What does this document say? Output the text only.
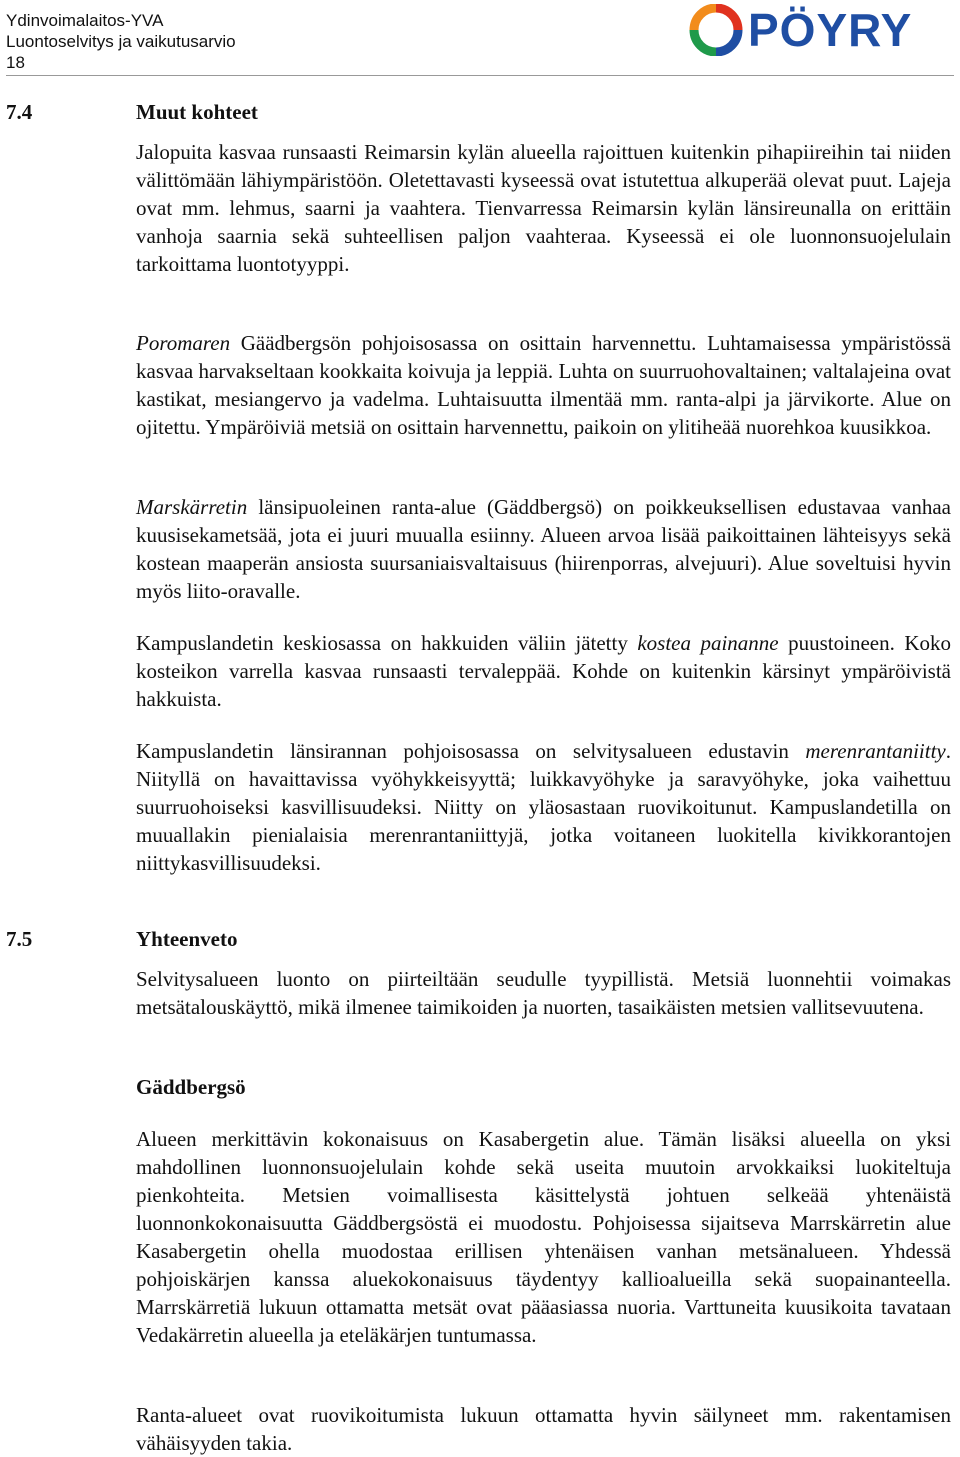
Ydinvoimalaitos-YVA
Luontoselvitys ja vaikutusarvio
18
PÖYRY
7.4	Muut kohteet

Jalopuita kasvaa runsaasti Reimarsin kylän alueella rajoittuen kuitenkin pihapiireihin tai niiden välittömään lähiympäristöön. Oletettavasti kyseessä ovat istutettua alkuperää olevat puut. Lajeja ovat mm. lehmus, saarni ja vaahtera. Tienvarressa Reimarsin kylän länsireunalla on erittäin vanhoja saarnia sekä suhteellisen paljon vaahteraa. Kyseessä ei ole luonnonsuojelulain tarkoittama luontotyyppi.

Poromaren Gäädbergsön pohjoisosassa on osittain harvennettu. Luhtamaisessa ympäristössä kasvaa harvakseltaan kookkaita koivuja ja leppiä. Luhta on suurruohovaltainen; valtalajeina ovat kastikat, mesiangervo ja vadelma. Luhtaisuutta ilmentää mm. ranta-alpi ja järvikorte. Alue on ojitettu. Ympäröiviä metsiä on osittain harvennettu, paikoin on ylitiheää nuorehkoa kuusikkoa.

Marskärretin länsipuoleinen ranta-alue (Gäddbergsö) on poikkeuksellisen edustavaa vanhaa kuusisekametsää, jota ei juuri muualla esiinny. Alueen arvoa lisää paikoittainen lähteisyys sekä kostean maaperän ansiosta suursaniaisvaltaisuus (hiirenporras, alvejuuri). Alue soveltuisi hyvin myös liito-oravalle.

Kampuslandetin keskiosassa on hakkuiden väliin jätetty kostea painanne puustoineen. Koko kosteikon varrella kasvaa runsaasti tervaleppää. Kohde on kuitenkin kärsinyt ympäröivistä hakkuista.

Kampuslandetin länsirannan pohjoisosassa on selvitysalueen edustavin merenrantaniitty. Niityllä on havaittavissa vyöhykkeisyyttä; luikkavyöhyke ja saravyöhyke, joka vaihettuu suurruohoiseksi kasvillisuudeksi. Niitty on yläosastaan ruovikoitunut. Kampuslandetilla on muuallakin pienialaisia merenrantaniittyjä, jotka voitaneen luokitella kivikkorantojen niittykasvillisuudeksi.

7.5	Yhteenveto

Selvitysalueen luonto on piirteiltään seudulle tyypillistä. Metsiä luonnehtii voimakas metsätalouskäyttö, mikä ilmenee taimikoiden ja nuorten, tasaikäisten metsien vallitsevuutena.

Gäddbergsö

Alueen merkittävin kokonaisuus on Kasabergetin alue. Tämän lisäksi alueella on yksi mahdollinen luonnonsuojelulain kohde sekä useita muutoin arvokkaiksi luokiteltuja pienkohteita. Metsien voimallisesta käsittelystä johtuen selkeää yhtenäistä luonnonkokonaisuutta Gäddbergsöstä ei muodostu. Pohjoisessa sijaitseva Marrskärretin alue Kasabergetin ohella muodostaa erillisen yhtenäisen vanhan metsänalueen. Yhdessä pohjoiskärjen kanssa aluekokonaisuus täydentyy kallioalueilla sekä suopainanteella. Marrskärretiä lukuun ottamatta metsät ovat pääasiassa nuoria. Varttuneita kuusikoita tavataan Vedakärretin alueella ja eteläkärjen tuntumassa.

Ranta-alueet ovat ruovikoitumista lukuun ottamatta hyvin säilyneet mm. rakentamisen vähäisyyden takia.
